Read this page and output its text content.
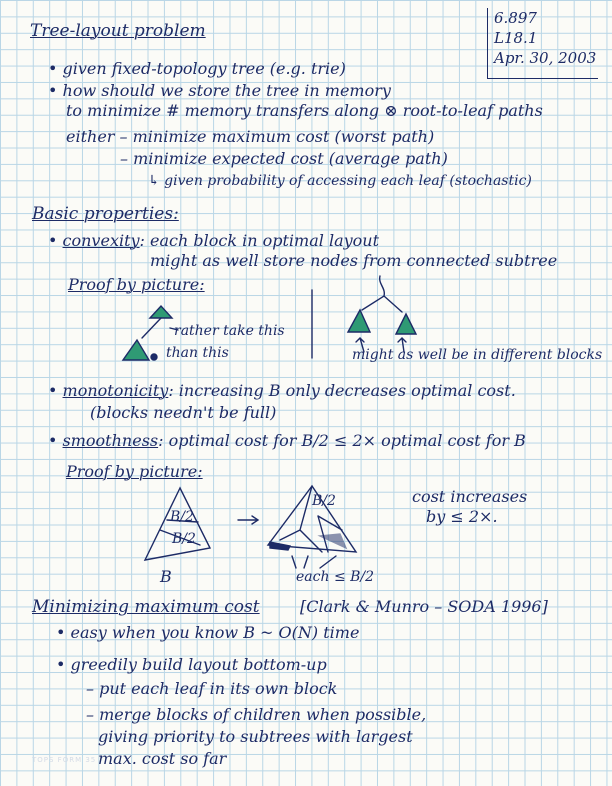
Tree-layout problem
6.897
L18.1
Apr. 30, 2003
• given fixed-topology tree (e.g. trie)
• how should we store the tree in memory
to minimize # memory transfers along ⊗ root-to-leaf paths
either – minimize maximum cost (worst path)
– minimize expected cost (average path)
↳ given probability of accessing each leaf (stochastic)
Basic properties:
• convexity: each block in optimal layout
might as well store nodes from connected subtree
Proof by picture:
rather take this
than this	might as well be in different blocks
• monotonicity: increasing B only decreases optimal cost.
(blocks needn't be full)
• smoothness: optimal cost for B/2 ≤ 2× optimal cost for B
Proof by picture:
B/2
B/2
B
B/2
each ≤ B/2
cost increases
by ≤ 2×.
Minimizing maximum cost	[Clark & Munro – SODA 1996]
• easy when you know B ~ O(N) time
• greedily build layout bottom-up
– put each leaf in its own block
– merge blocks of children when possible,
giving priority to subtrees with largest
max. cost so far
TOPS FORM 35
